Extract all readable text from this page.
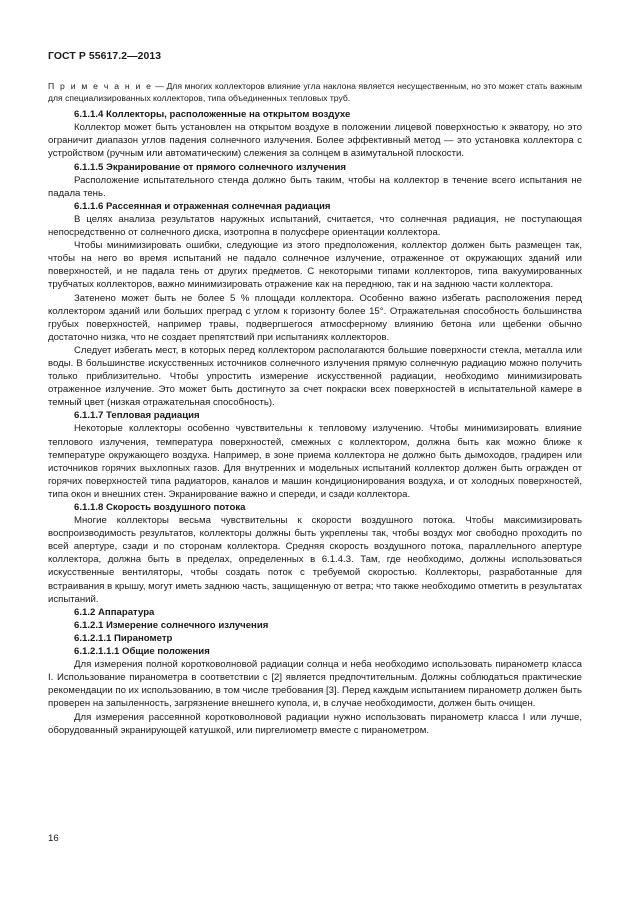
ГОСТ Р 55617.2—2013

П р и м е ч а н и е — Для многих коллекторов влияние угла наклона является несущественным, но это может стать важным для специализированных коллекторов, типа объединенных тепловых труб.

6.1.1.4 Коллекторы, расположенные на открытом воздухе

Коллектор может быть установлен на открытом воздухе в положении лицевой поверхностью к экватору, но это ограничит диапазон углов падения солнечного излучения. Более эффективный метод — это установка коллектора с устройством (ручным или автоматическим) слежения за солнцем в азимутальной плоскости.

6.1.1.5 Экранирование от прямого солнечного излучения

Расположение испытательного стенда должно быть таким, чтобы на коллектор в течение всего испытания не падала тень.

6.1.1.6 Рассеянная и отраженная солнечная радиация

В целях анализа результатов наружных испытаний, считается, что солнечная радиация, не поступающая непосредственно от солнечного диска, изотропна в полусфере ориентации коллектора.

Чтобы минимизировать ошибки, следующие из этого предположения, коллектор должен быть размещен так, чтобы на него во время испытаний не падало солнечное излучение, отраженное от окружающих зданий или поверхностей, и не падала тень от других предметов. С некоторыми типами коллекторов, типа вакуумированных трубчатых коллекторов, важно минимизировать отражение как на переднюю, так и на заднюю части коллектора.

Затенено может быть не более 5 % площади коллектора. Особенно важно избегать расположения перед коллектором зданий или больших преград с углом к горизонту более 15°. Отражательная способность большинства грубых поверхностей, например травы, подвергшегося атмосферному влиянию бетона или щебенки обычно достаточно низка, что не создает препятствий при испытаниях коллекторов.

Следует избегать мест, в которых перед коллектором располагаются большие поверхности стекла, металла или воды. В большинстве искусственных источников солнечного излучения прямую солнечную радиацию можно получить только приблизительно. Чтобы упростить измерение искусственной радиации, необходимо минимизировать отраженное излучение. Это может быть достигнуто за счет покраски всех поверхностей в испытательной камере в темный цвет (низкая отражательная способность).

6.1.1.7 Тепловая радиация

Некоторые коллекторы особенно чувствительны к тепловому излучению. Чтобы минимизировать влияние теплового излучения, температура поверхностей, смежных с коллектором, должна быть как можно ближе к температуре окружающего воздуха. Например, в зоне приема коллектора не должно быть дымоходов, градирен или источников горячих выхлопных газов. Для внутренних и модельных испытаний коллектор должен быть огражден от горячих поверхностей типа радиаторов, каналов и машин кондиционирования воздуха, и от холодных поверхностей, типа окон и внешних стен. Экранирование важно и спереди, и сзади коллектора.

6.1.1.8 Скорость воздушного потока

Многие коллекторы весьма чувствительны к скорости воздушного потока. Чтобы максимизировать воспроизводимость результатов, коллекторы должны быть укреплены так, чтобы воздух мог свободно проходить по всей апертуре, сзади и по сторонам коллектора. Средняя скорость воздушного потока, параллельного апертуре коллектора, должна быть в пределах, определенных в 6.1.4.3. Там, где необходимо, должны использоваться искусственные вентиляторы, чтобы создать поток с требуемой скоростью. Коллекторы, разработанные для встраивания в крышу, могут иметь заднюю часть, защищенную от ветра; что также необходимо отметить в результатах испытаний.

6.1.2 Аппаратура

6.1.2.1 Измерение солнечного излучения

6.1.2.1.1 Пиранометр

6.1.2.1.1.1 Общие положения

Для измерения полной коротковолновой радиации солнца и неба необходимо использовать пиранометр класса I. Использование пиранометра в соответствии с [2] является предпочтительным. Должны соблюдаться практические рекомендации по их использованию, в том числе требования [3]. Перед каждым испытанием пиранометр должен быть проверен на запыленность, загрязнение внешнего купола, и, в случае необходимости, должен быть очищен.

Для измерения рассеянной коротковолновой радиации нужно использовать пиранометр класса I или лучше, оборудованный экранирующей катушкой, или пиргелиометр вместе с пиранометром.

16
